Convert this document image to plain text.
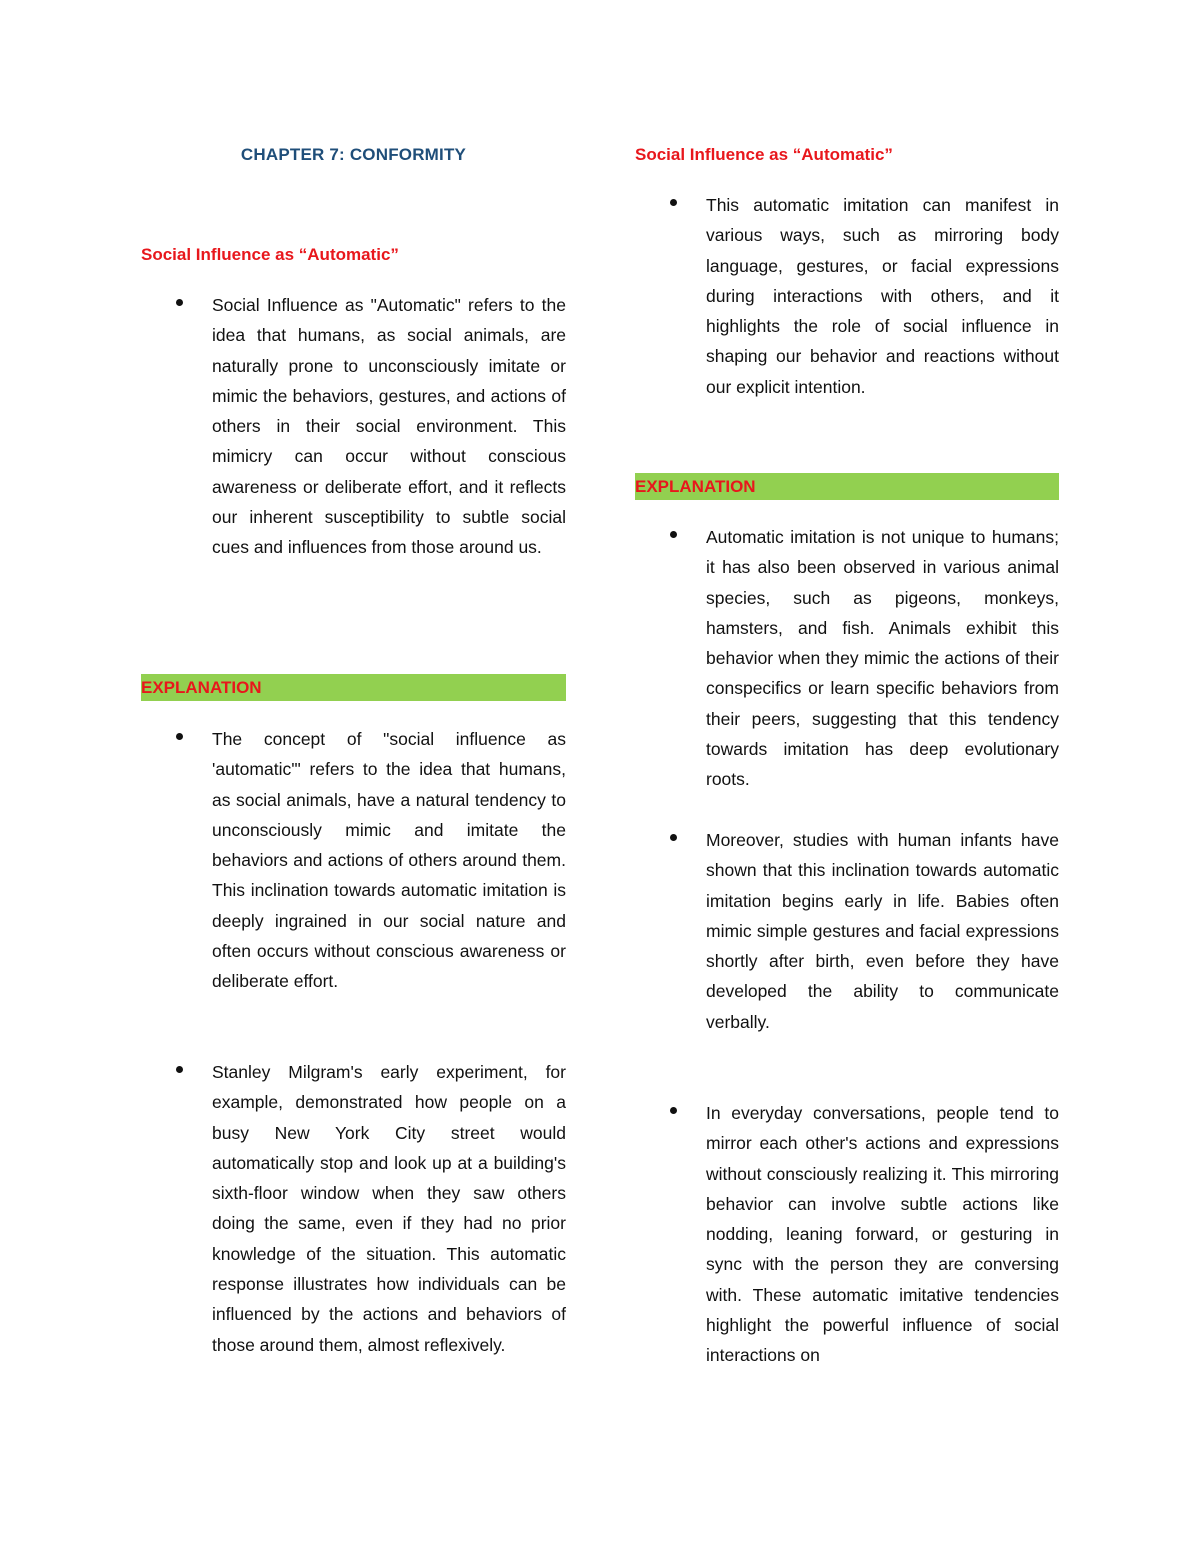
CHAPTER 7: CONFORMITY
Social Influence as “Automatic”
Social Influence as "Automatic" refers to the idea that humans, as social animals, are naturally prone to unconsciously imitate or mimic the behaviors, gestures, and actions of others in their social environment. This mimicry can occur without conscious awareness or deliberate effort, and it reflects our inherent susceptibility to subtle social cues and influences from those around us.
EXPLANATION
The concept of "social influence as 'automatic'" refers to the idea that humans, as social animals, have a natural tendency to unconsciously mimic and imitate the behaviors and actions of others around them. This inclination towards automatic imitation is deeply ingrained in our social nature and often occurs without conscious awareness or deliberate effort.
Stanley Milgram's early experiment, for example, demonstrated how people on a busy New York City street would automatically stop and look up at a building's sixth-floor window when they saw others doing the same, even if they had no prior knowledge of the situation. This automatic response illustrates how individuals can be influenced by the actions and behaviors of those around them, almost reflexively.
Social Influence as “Automatic”
This automatic imitation can manifest in various ways, such as mirroring body language, gestures, or facial expressions during interactions with others, and it highlights the role of social influence in shaping our behavior and reactions without our explicit intention.
EXPLANATION
Automatic imitation is not unique to humans; it has also been observed in various animal species, such as pigeons, monkeys, hamsters, and fish. Animals exhibit this behavior when they mimic the actions of their conspecifics or learn specific behaviors from their peers, suggesting that this tendency towards imitation has deep evolutionary roots.
Moreover, studies with human infants have shown that this inclination towards automatic imitation begins early in life. Babies often mimic simple gestures and facial expressions shortly after birth, even before they have developed the ability to communicate verbally.
In everyday conversations, people tend to mirror each other's actions and expressions without consciously realizing it. This mirroring behavior can involve subtle actions like nodding, leaning forward, or gesturing in sync with the person they are conversing with. These automatic imitative tendencies highlight the powerful influence of social interactions on
